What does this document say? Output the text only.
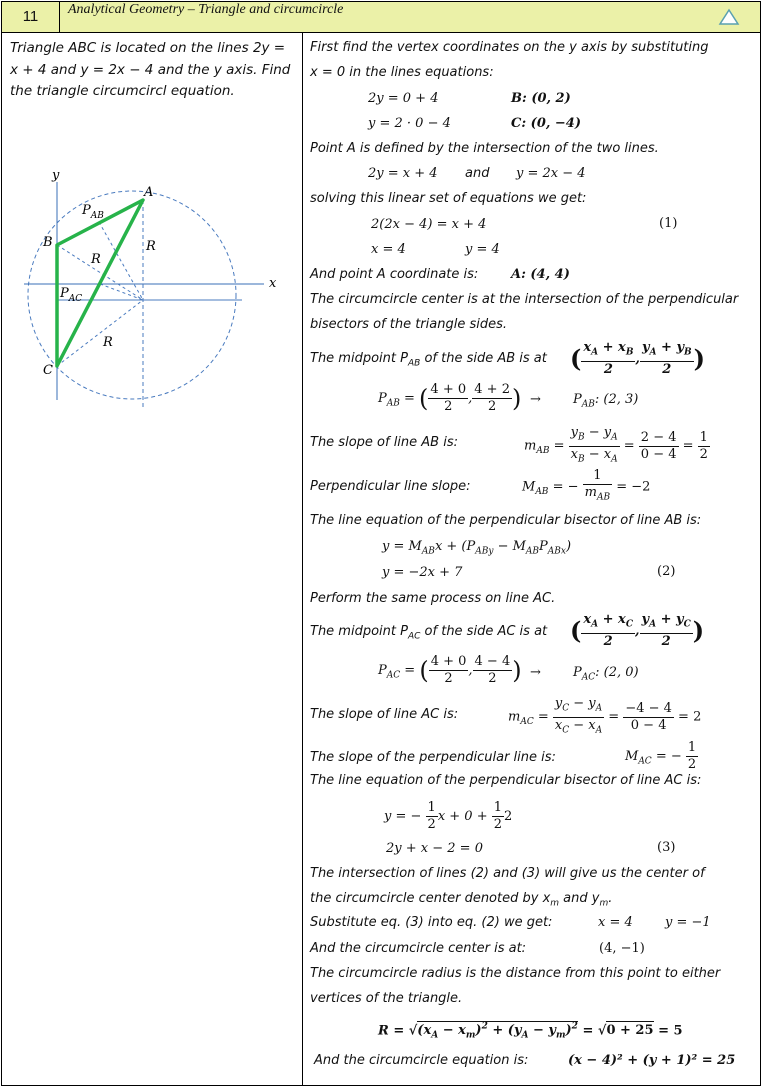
11	Analytical Geometry – Triangle and circumcircle
Triangle ABC is located on the lines 2y = x + 4 and y = 2x − 4 and the y axis. Find the triangle circumcircl equation.
y
x
A
B
C
$P_{AB}$
$P_{AC}$
R
R
R
First find the vertex coordinates on the y axis by substituting
x = 0 in the lines equations:
2y = 0 + 4	B: (0, 2)
y = 2 · 0 − 4	C: (0, −4)
Point A is defined by the intersection of the two lines.
2y = x + 4 and y = 2x − 4
solving this linear set of equations we get:
2(2x − 4) = x + 4	(1)
x = 4	y = 4
And point A coordinate is:	A: (4, 4)
The circumcircle center is at the intersection of the perpendicular
bisectors of the triangle sides.
The midpoint $P_{AB}$ of the side AB is at ( $\frac{x_A + x_B}{2}$ , $\frac{y_A + y_B}{2}$ )
$P_{AB}$ = ( $\frac{4 + 0}{2}$ , $\frac{4 + 2}{2}$ ) → $P_{AB}$: (2, 3)
The slope of line AB is:	$m_{AB} = \frac{y_B - y_A}{x_B - x_A} = \frac{2 - 4}{0 - 4} = \frac{1}{2}$
Perpendicular line slope:	$M_{AB}$ = − $\frac{1}{m_{AB}} = -2$
The line equation of the perpendicular bisector of line AB is:
$y = M_{AB}x + (P_{ABy} - M_{AB}P_{ABx})$
y = −2x + 7	(2)
Perform the same process on line AC.
The midpoint $P_{AC}$ of the side AC is at ( $\frac{x_A + x_C}{2}$ , $\frac{y_A + y_C}{2}$ )
$P_{AC}$ = ( $\frac{4 + 0}{2}$ , $\frac{4 - 4}{2}$ ) → $P_{AC}$: (2, 0)
The slope of line AC is:	$m_{AC} = \frac{y_C - y_A}{x_C - x_A} = \frac{-4 - 4}{0 - 4} = 2$
The slope of the perpendicular line is:	$M_{AC}$ = − $\frac{1}{2}$
The line equation of the perpendicular bisector of line AC is:
y = − $\frac{1}{2}$ $x + 0 + \frac{1}{2} 2$
2y + x − 2 = 0	(3)
The intersection of lines (2) and (3) will give us the center of
the circumcircle center denoted by $x_m$ and $y_m$.
Substitute eq. (3) into eq. (2) we get:	x = 4 y = −1
And the circumcircle center is at:	(4, −1)
The circumcircle radius is the distance from this point to either
vertices of the triangle.
$R = √(x_A - x_m)^2 + (y_A - y_m)^2 = √0 + 25 = 5$
And the circumcircle equation is:	(x − 4)² + (y + 1)² = 25
